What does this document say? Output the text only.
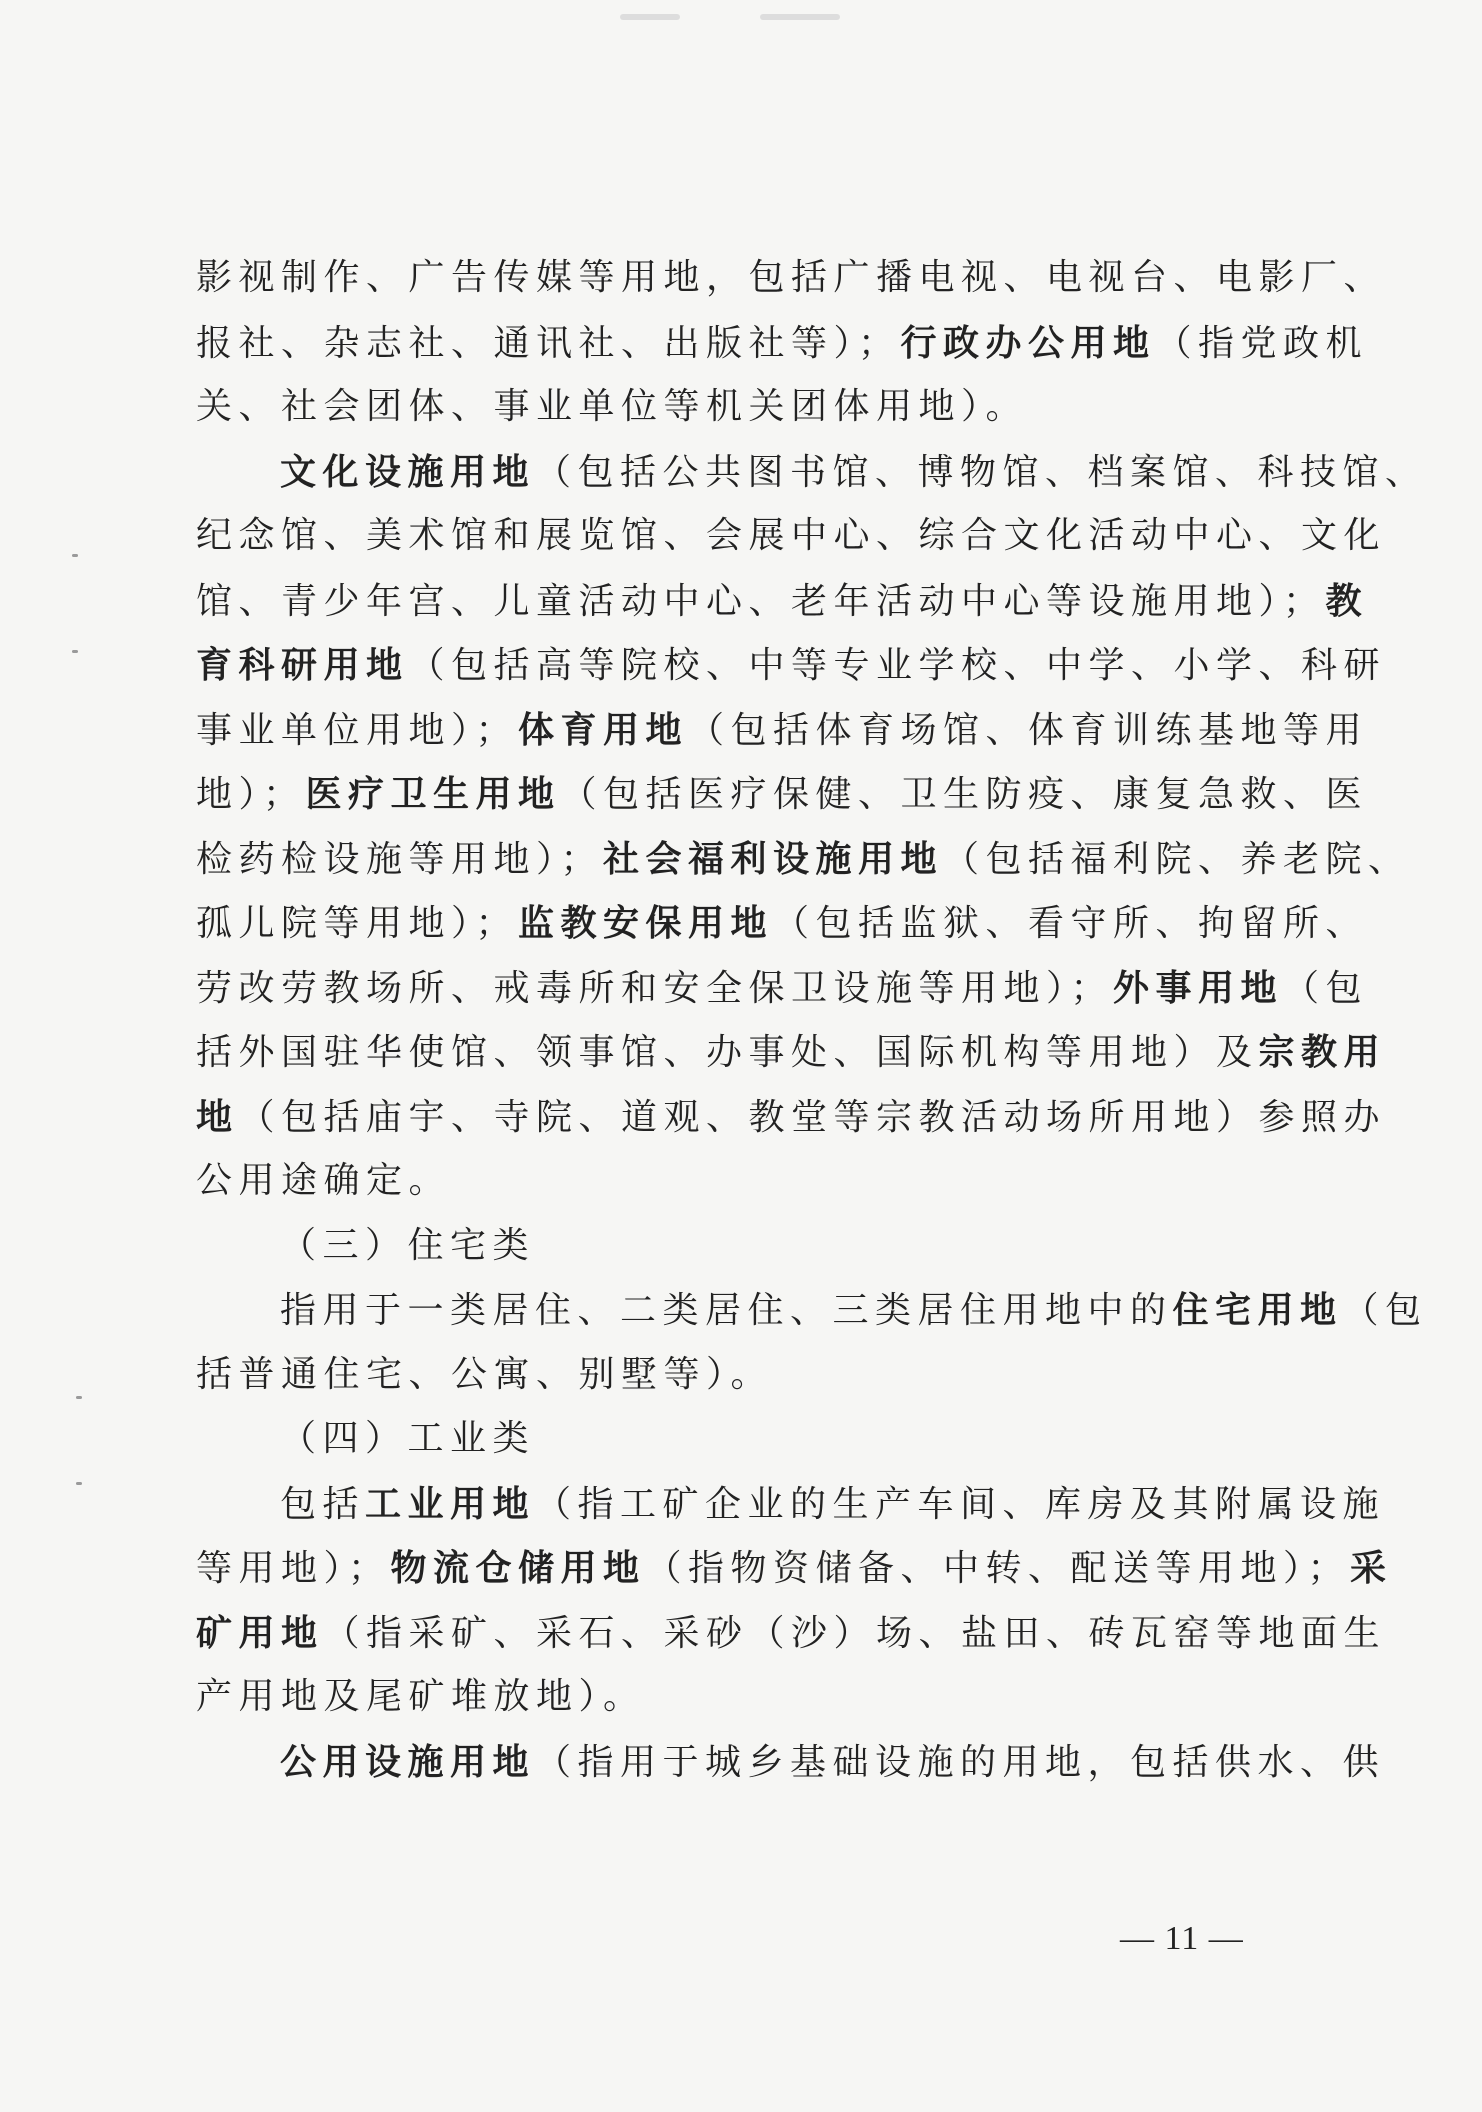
影视制作、广告传媒等用地，包括广播电视、电视台、电影厂、
报社、杂志社、通讯社、出版社等）；行政办公用地（指党政机
关、社会团体、事业单位等机关团体用地）。
文化设施用地（包括公共图书馆、博物馆、档案馆、科技馆、
纪念馆、美术馆和展览馆、会展中心、综合文化活动中心、文化
馆、青少年宫、儿童活动中心、老年活动中心等设施用地）；教
育科研用地（包括高等院校、中等专业学校、中学、小学、科研
事业单位用地）；体育用地（包括体育场馆、体育训练基地等用
地）；医疗卫生用地（包括医疗保健、卫生防疫、康复急救、医
检药检设施等用地）；社会福利设施用地（包括福利院、养老院、
孤儿院等用地）；监教安保用地（包括监狱、看守所、拘留所、
劳改劳教场所、戒毒所和安全保卫设施等用地）；外事用地（包
括外国驻华使馆、领事馆、办事处、国际机构等用地）及宗教用
地（包括庙宇、寺院、道观、教堂等宗教活动场所用地）参照办
公用途确定。
（三）住宅类
指用于一类居住、二类居住、三类居住用地中的住宅用地（包
括普通住宅、公寓、别墅等）。
（四）工业类
包括工业用地（指工矿企业的生产车间、库房及其附属设施
等用地）；物流仓储用地（指物资储备、中转、配送等用地）；采
矿用地（指采矿、采石、采砂（沙）场、盐田、砖瓦窑等地面生
产用地及尾矿堆放地）。
公用设施用地（指用于城乡基础设施的用地，包括供水、供
— 11 —
